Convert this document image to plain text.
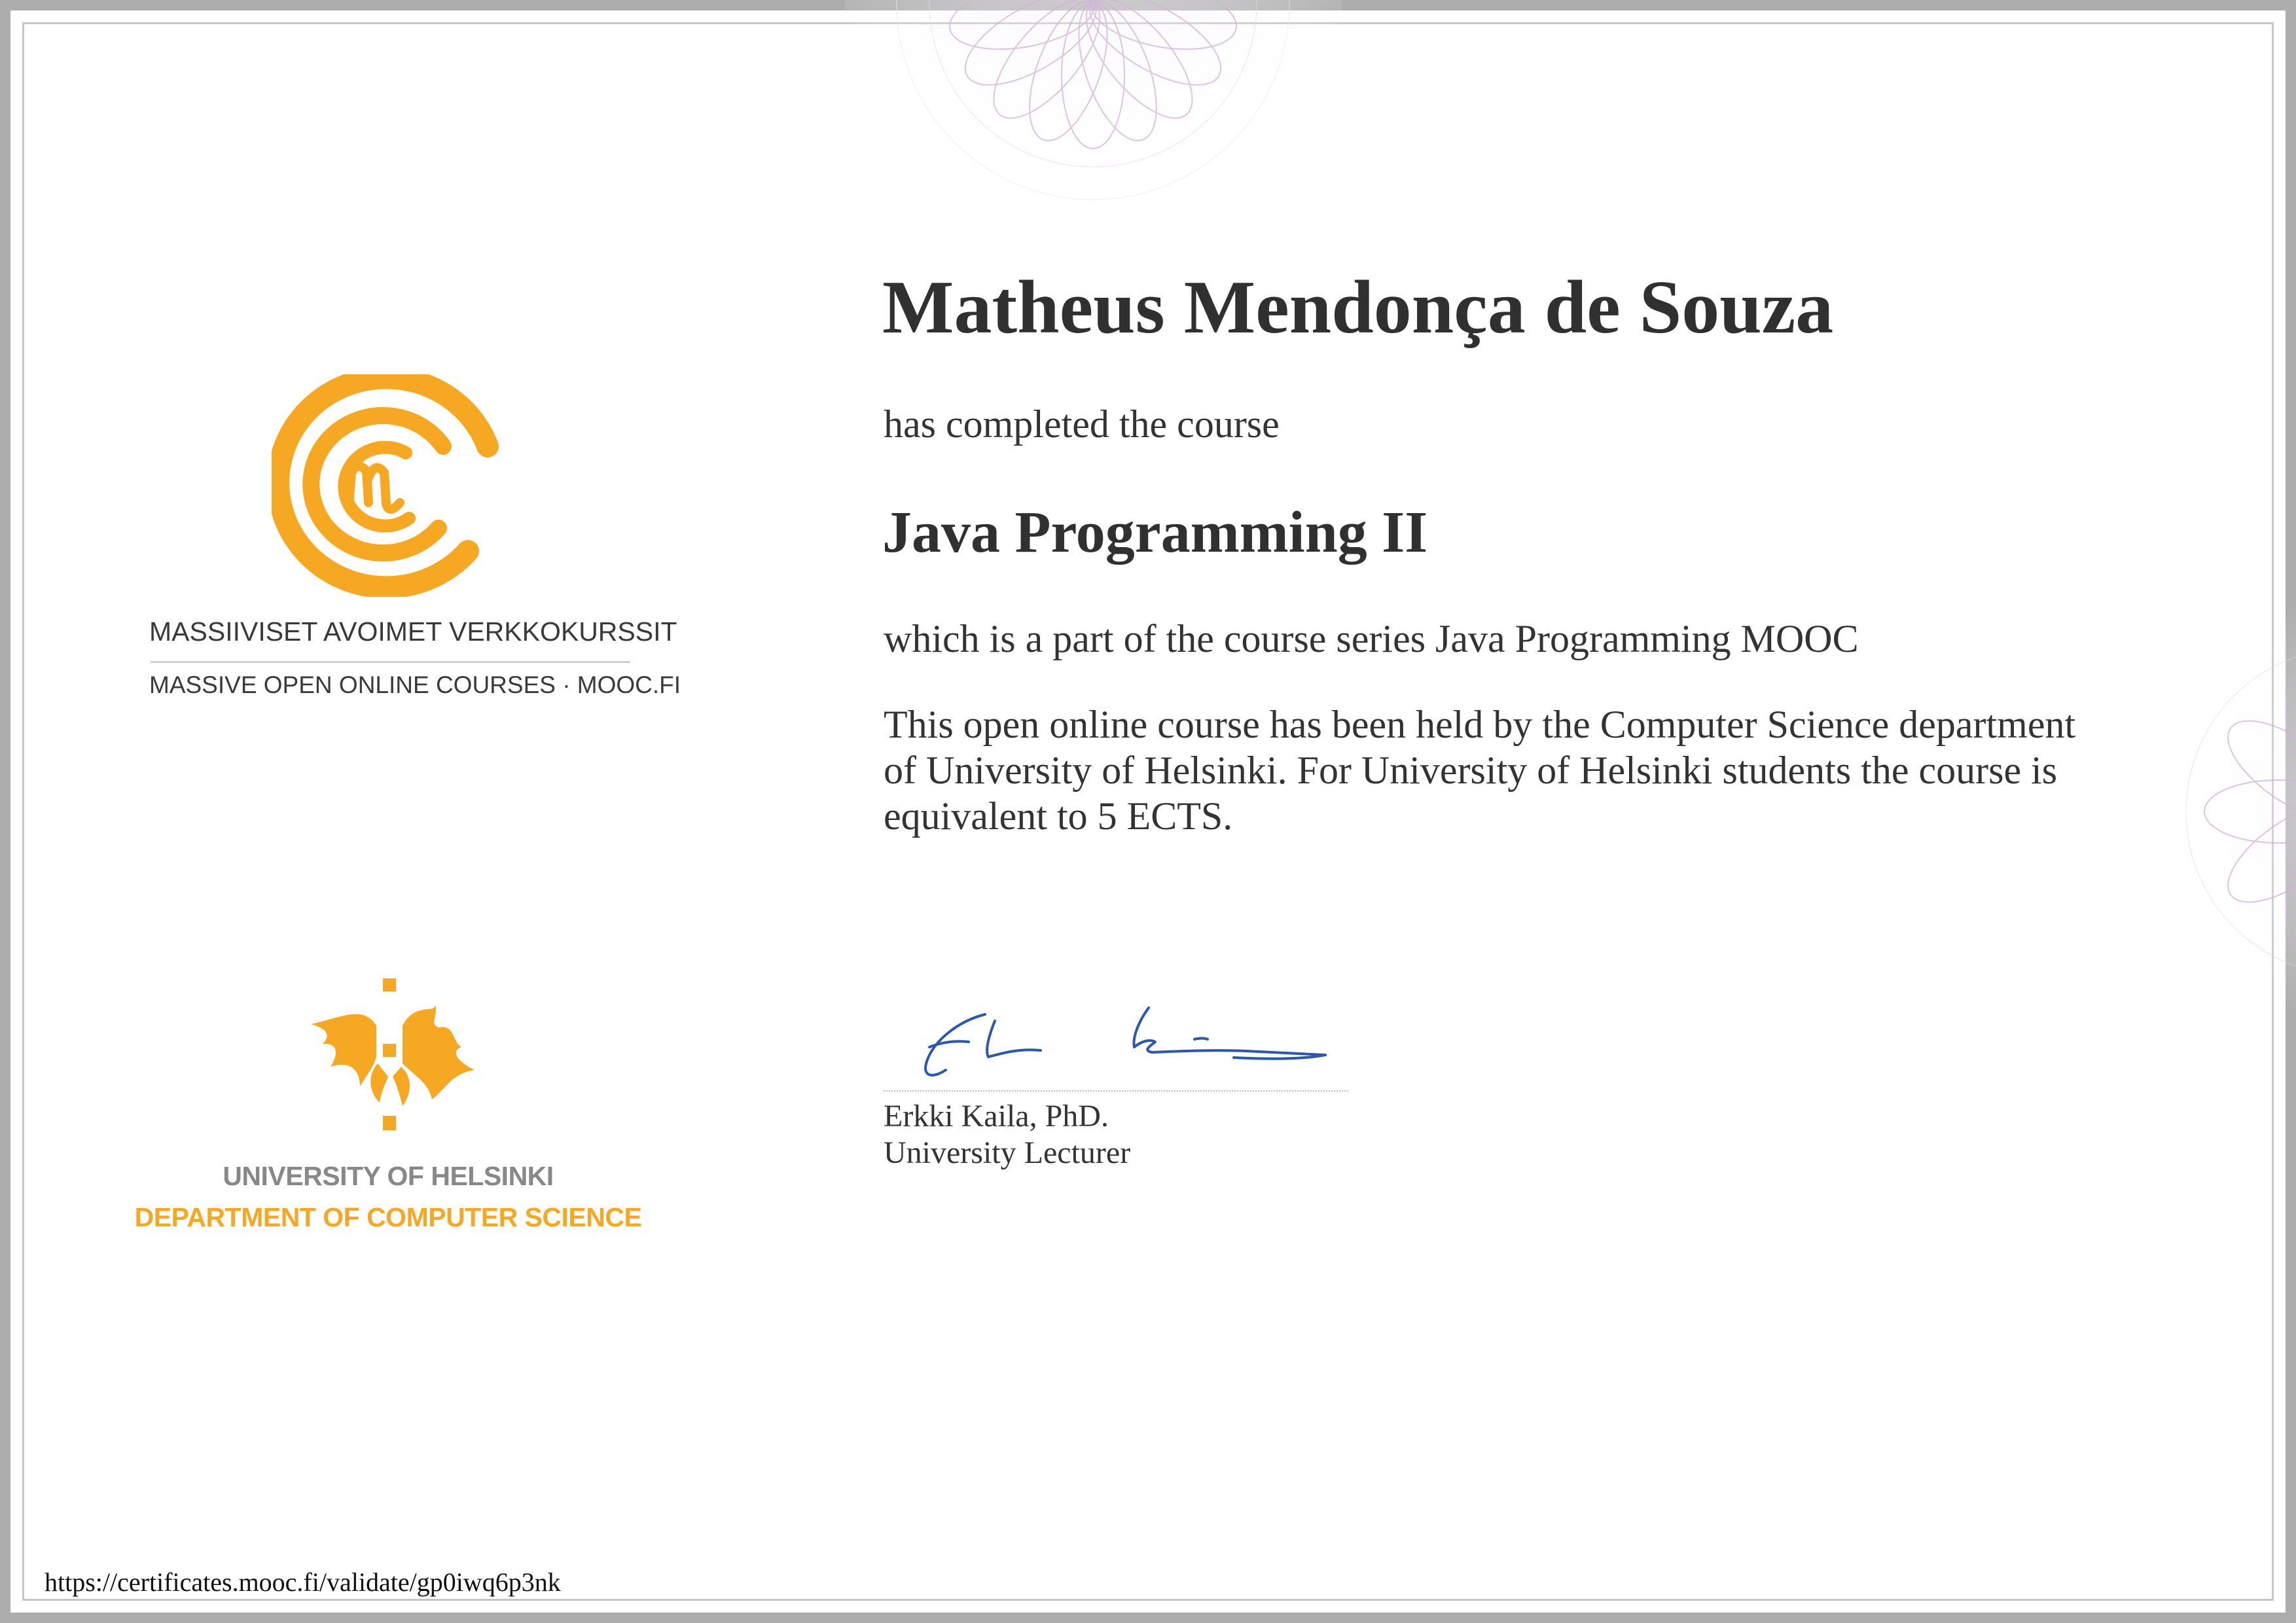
MASSIIVISET AVOIMET VERKKOKURSSIT
MASSIVE OPEN ONLINE COURSES · MOOC.FI
UNIVERSITY OF HELSINKI
DEPARTMENT OF COMPUTER SCIENCE
Matheus Mendonça de Souza
has completed the course
Java Programming II
which is a part of the course series Java Programming MOOC
This open online course has been held by the Computer Science department of University of Helsinki. For University of Helsinki students the course is equivalent to 5 ECTS.
Erkki Kaila, PhD.
University Lecturer
https://certificates.mooc.fi/validate/gp0iwq6p3nk
